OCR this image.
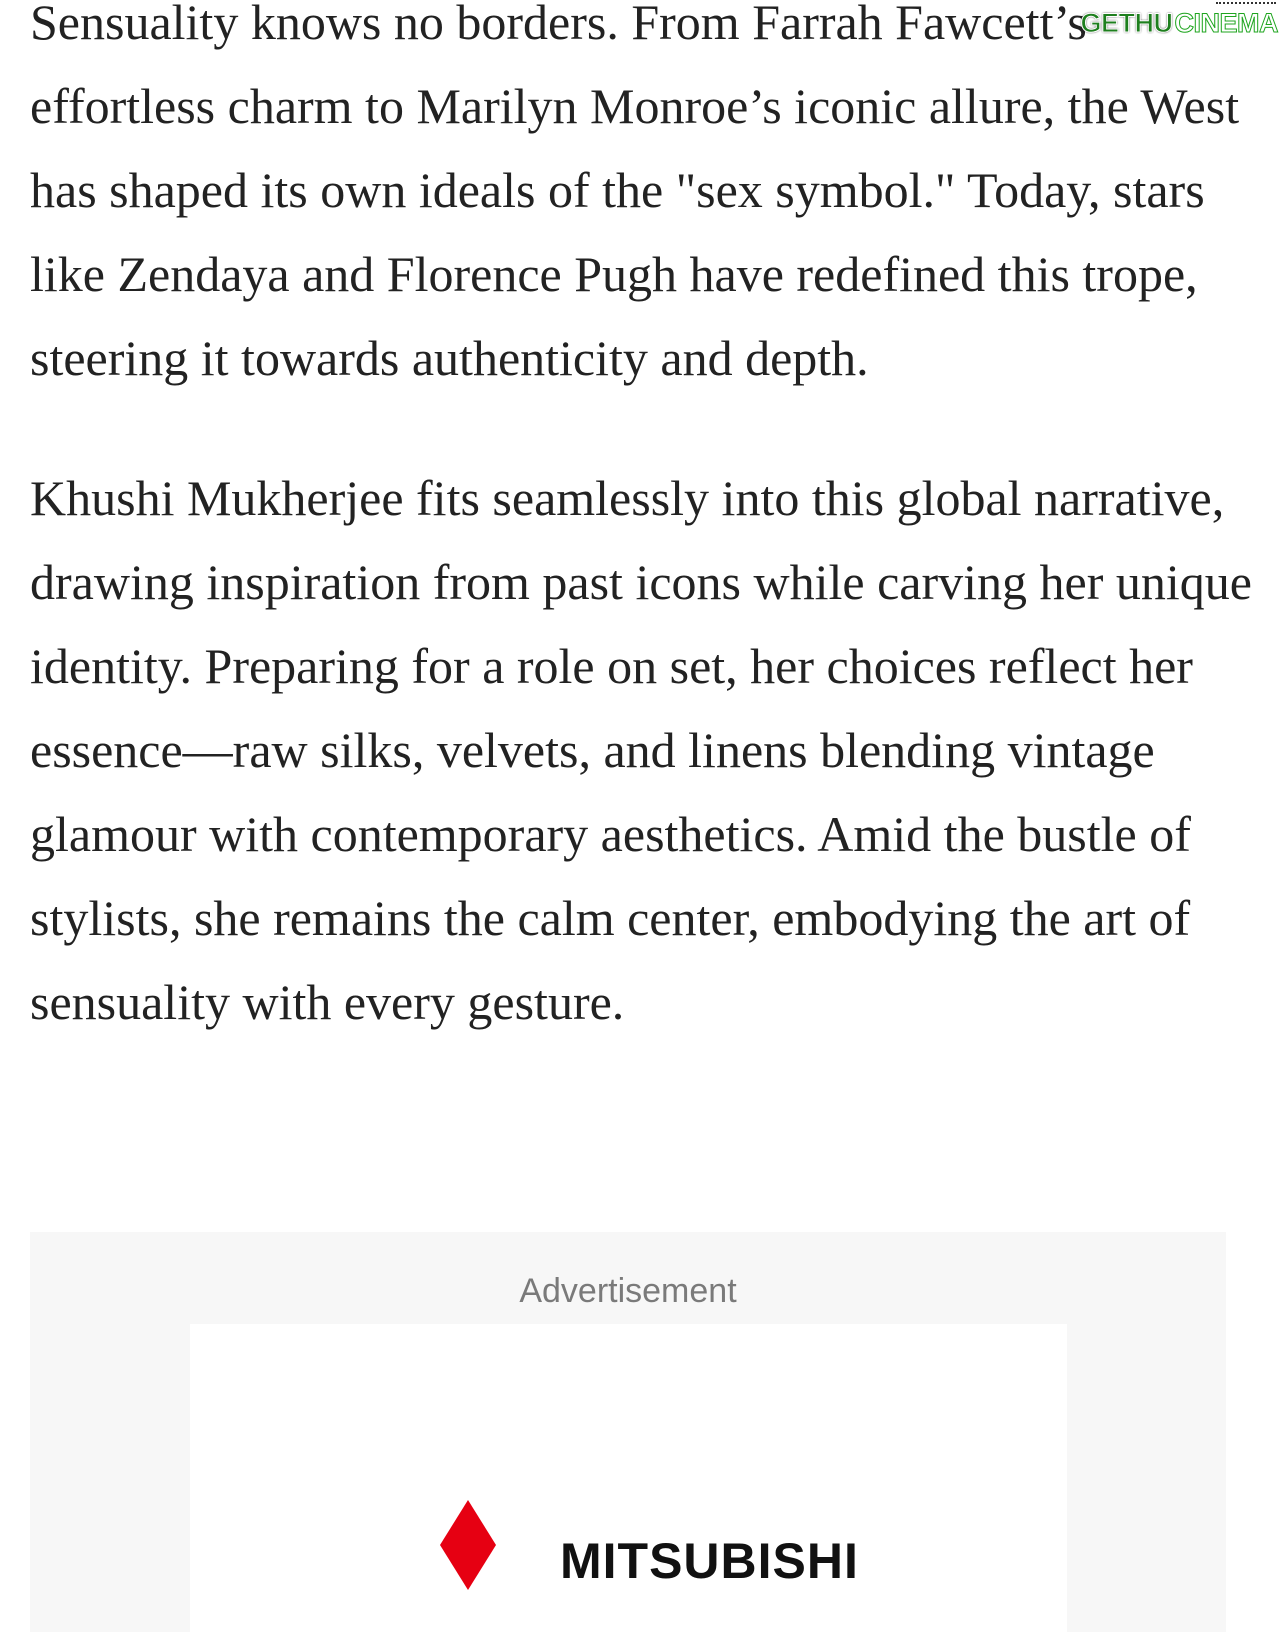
Sensuality knows no borders. From Farrah Fawcett’s effortless charm to Marilyn Monroe’s iconic allure, the West has shaped its own ideals of the "sex symbol." Today, stars like Zendaya and Florence Pugh have redefined this trope, steering it towards authenticity and depth.

Khushi Mukherjee fits seamlessly into this global narrative, drawing inspiration from past icons while carving her unique identity. Preparing for a role on set, her choices reflect her essence—raw silks, velvets, and linens blending vintage glamour with contemporary aesthetics. Amid the bustle of stylists, she remains the calm center, embodying the art of sensuality with every gesture.

GETHU CINEMA
Advertisement
MITSUBISHI
